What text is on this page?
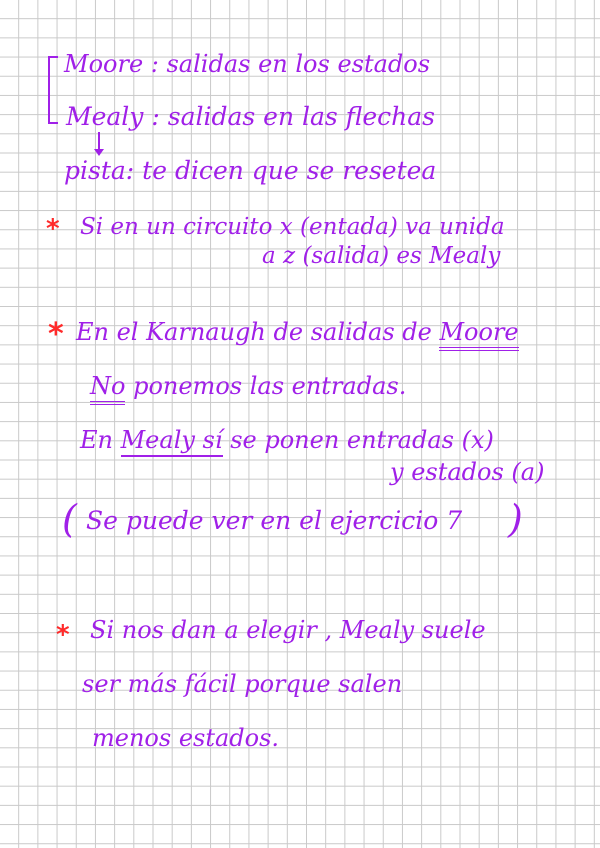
Moore : salidas en los estados
Mealy : salidas en las flechas
pista: te dicen que se resetea
* Si en un circuito x (entada) va unida
a z (salida) es Mealy
* En el Karnaugh de salidas de Moore
No ponemos las entradas.
En Mealy sí se ponen entradas (x)
y estados (a)
( Se puede ver en el ejercicio 7 )
* Si nos dan a elegir , Mealy suele
ser más fácil porque salen
menos estados.
